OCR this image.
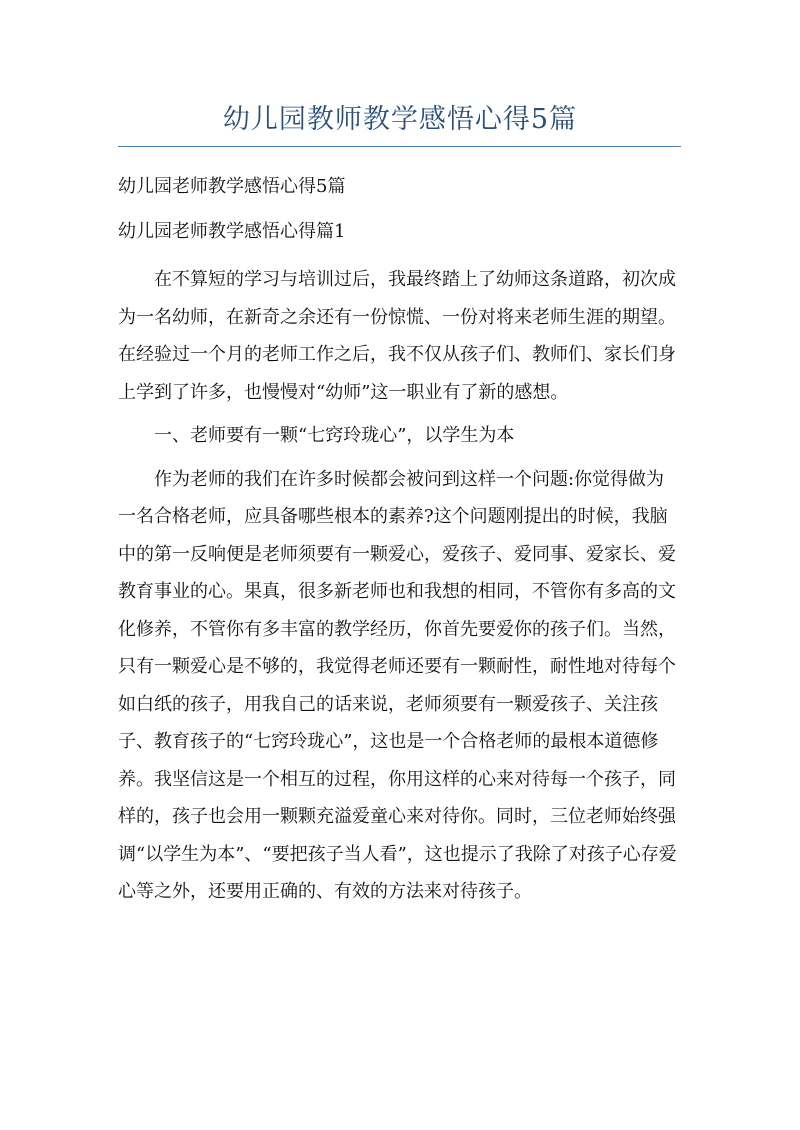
幼儿园教师教学感悟心得5篇

幼儿园老师教学感悟心得5篇

幼儿园老师教学感悟心得篇1

在不算短的学习与培训过后，我最终踏上了幼师这条道路，初次成为一名幼师，在新奇之余还有一份惊慌、一份对将来老师生涯的期望。在经验过一个月的老师工作之后，我不仅从孩子们、教师们、家长们身上学到了许多，也慢慢对“幼师”这一职业有了新的感想。

一、老师要有一颗“七窍玲珑心”，以学生为本

作为老师的我们在许多时候都会被问到这样一个问题:你觉得做为一名合格老师，应具备哪些根本的素养?这个问题刚提出的时候，我脑中的第一反响便是老师须要有一颗爱心，爱孩子、爱同事、爱家长、爱教育事业的心。果真，很多新老师也和我想的相同，不管你有多高的文化修养，不管你有多丰富的教学经历，你首先要爱你的孩子们。当然，只有一颗爱心是不够的，我觉得老师还要有一颗耐性，耐性地对待每个如白纸的孩子，用我自己的话来说，老师须要有一颗爱孩子、关注孩子、教育孩子的“七窍玲珑心”，这也是一个合格老师的最根本道德修养。我坚信这是一个相互的过程，你用这样的心来对待每一个孩子，同样的，孩子也会用一颗颗充溢爱童心来对待你。同时，三位老师始终强调“以学生为本”、“要把孩子当人看”，这也提示了我除了对孩子心存爱心等之外，还要用正确的、有效的方法来对待孩子。
